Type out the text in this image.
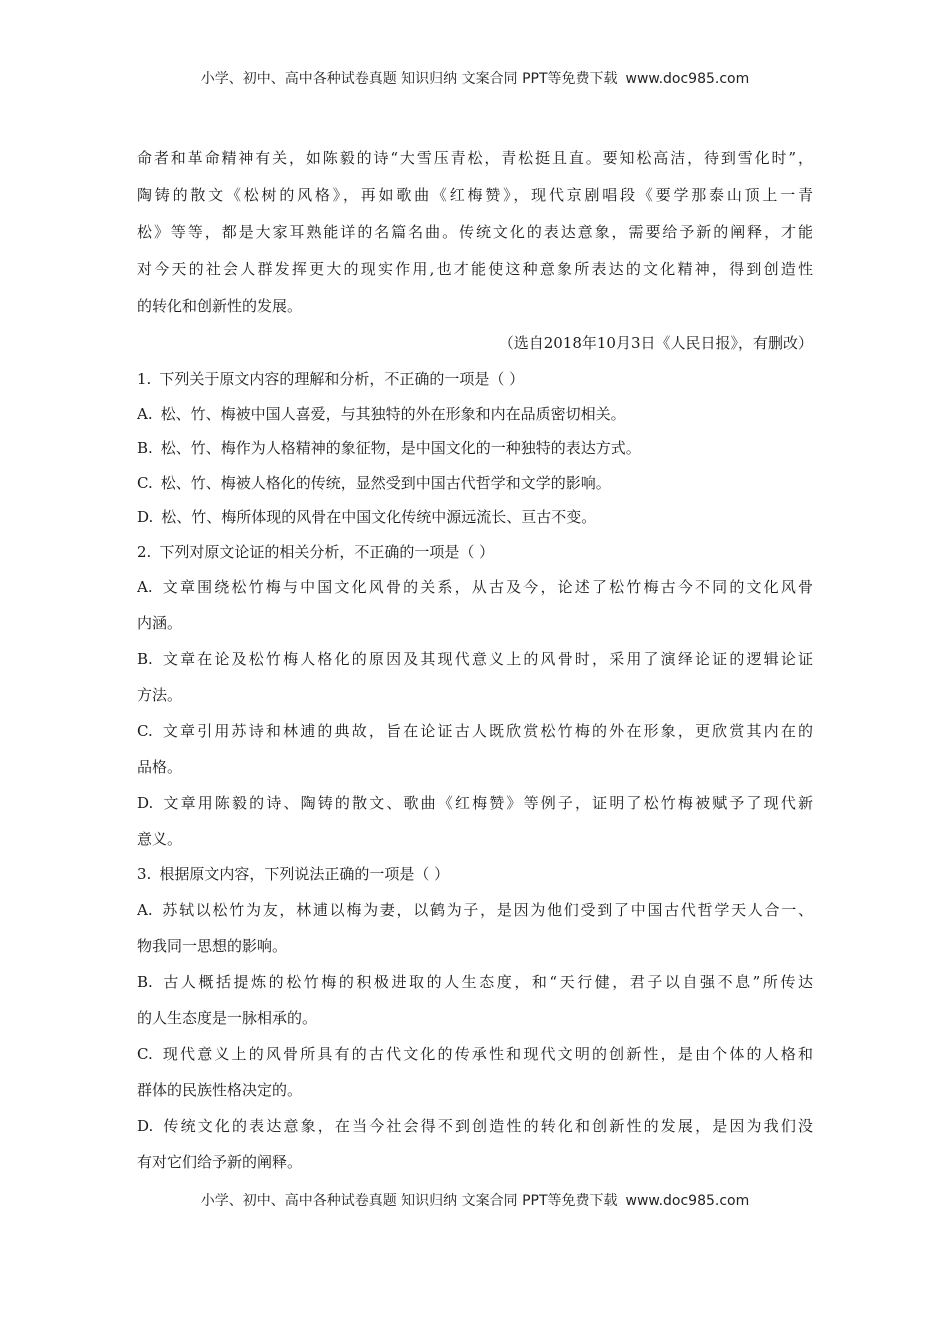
小学、初中、高中各种试卷真题 知识归纳 文案合同 PPT等免费下载 www.doc985.com

命者和革命精神有关，如陈毅的诗“大雪压青松，青松挺且直。要知松高洁，待到雪化时”，

陶铸的散文《松树的风格》，再如歌曲《红梅赞》，现代京剧唱段《要学那泰山顶上一青

松》等等，都是大家耳熟能详的名篇名曲。传统文化的表达意象，需要给予新的阐释，才能

对今天的社会人群发挥更大的现实作用,也才能使这种意象所表达的文化精神，得到创造性

的转化和创新性的发展。

（选自2018年10月3日《人民日报》，有删改）

1. 下列关于原文内容的理解和分析，不正确的一项是（ ）

A. 松、竹、梅被中国人喜爱，与其独特的外在形象和内在品质密切相关。

B. 松、竹、梅作为人格精神的象征物，是中国文化的一种独特的表达方式。

C. 松、竹、梅被人格化的传统，显然受到中国古代哲学和文学的影响。

D. 松、竹、梅所体现的风骨在中国文化传统中源远流长、亘古不变。

2. 下列对原文论证的相关分析，不正确的一项是（ ）

A. 文章围绕松竹梅与中国文化风骨的关系，从古及今，论述了松竹梅古今不同的文化风骨
内涵。
B. 文章在论及松竹梅人格化的原因及其现代意义上的风骨时，采用了演绎论证的逻辑论证
方法。
C. 文章引用苏诗和林逋的典故，旨在论证古人既欣赏松竹梅的外在形象，更欣赏其内在的
品格。
D. 文章用陈毅的诗、陶铸的散文、歌曲《红梅赞》等例子，证明了松竹梅被赋予了现代新
意义。

3. 根据原文内容，下列说法正确的一项是（ ）

A. 苏轼以松竹为友，林逋以梅为妻，以鹤为子，是因为他们受到了中国古代哲学天人合一、
物我同一思想的影响。
B. 古人概括提炼的松竹梅的积极进取的人生态度，和“天行健，君子以自强不息”所传达
的人生态度是一脉相承的。
C. 现代意义上的风骨所具有的古代文化的传承性和现代文明的创新性，是由个体的人格和
群体的民族性格决定的。
D. 传统文化的表达意象，在当今社会得不到创造性的转化和创新性的发展，是因为我们没
有对它们给予新的阐释。
小学、初中、高中各种试卷真题 知识归纳 文案合同 PPT等免费下载 www.doc985.com
